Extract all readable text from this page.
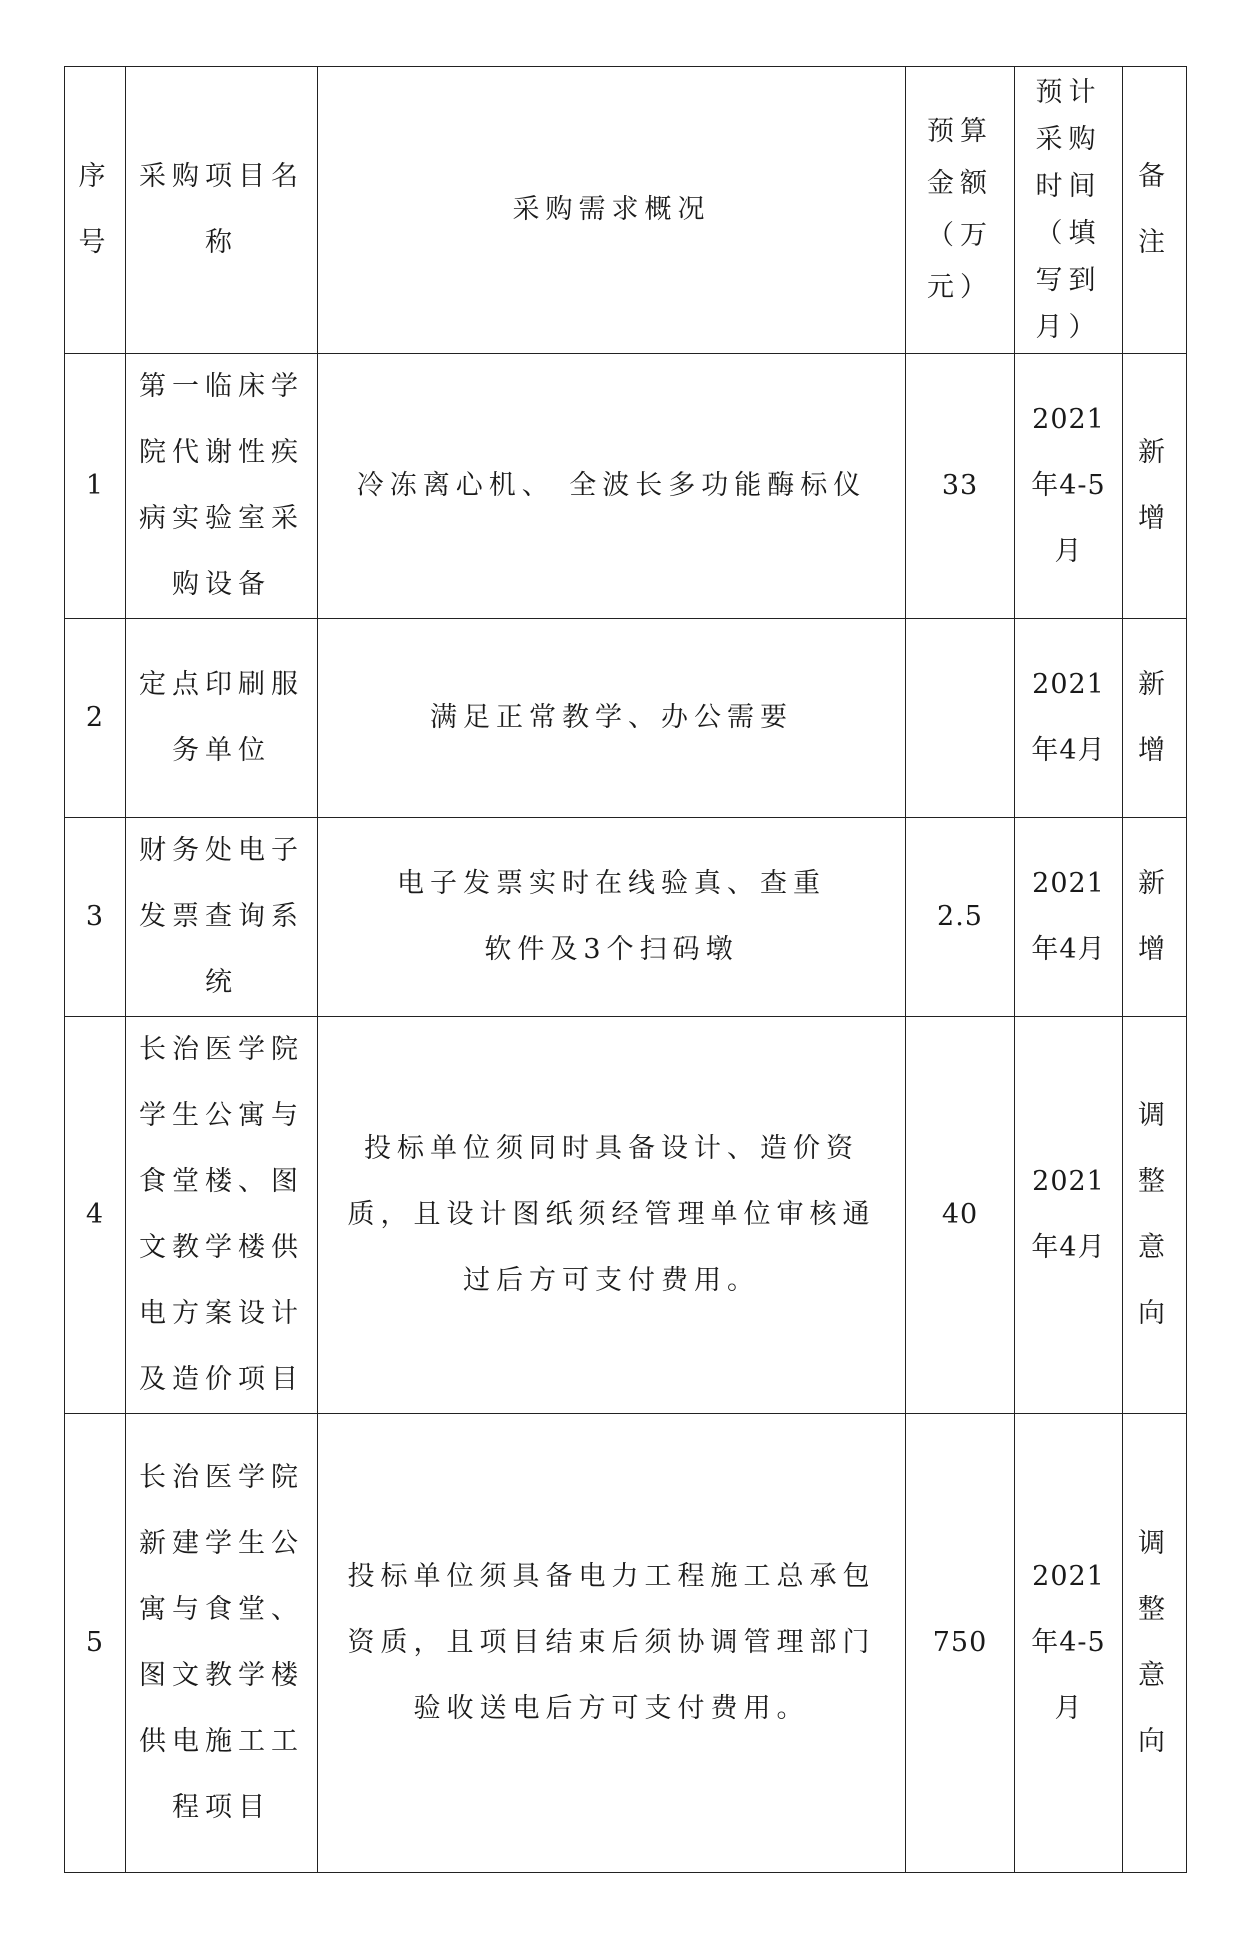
序号	采购项目名称	采购需求概况	预算金额（万元）	预计采购时间（填写到月）	备注

1	第一临床学院代谢性疾病实验室采购设备	冷冻离心机、 全波长多功能酶标仪	33	2021年4-5月	新增

2	定点印刷服务单位	满足正常教学、办公需要		2021年4月	新增

3	财务处电子发票查询系统	电子发票实时在线验真、查重软件及3个扫码墩	2.5	2021年4月	新增

4	长治医学院学生公寓与食堂楼、图文教学楼供电方案设计及造价项目	投标单位须同时具备设计、造价资质，且设计图纸须经管理单位审核通过后方可支付费用。	40	2021年4月	调整意向

5	长治医学院新建学生公寓与食堂、图文教学楼供电施工工程项目	投标单位须具备电力工程施工总承包资质，且项目结束后须协调管理部门验收送电后方可支付费用。	750	2021年4-5月	调整意向
